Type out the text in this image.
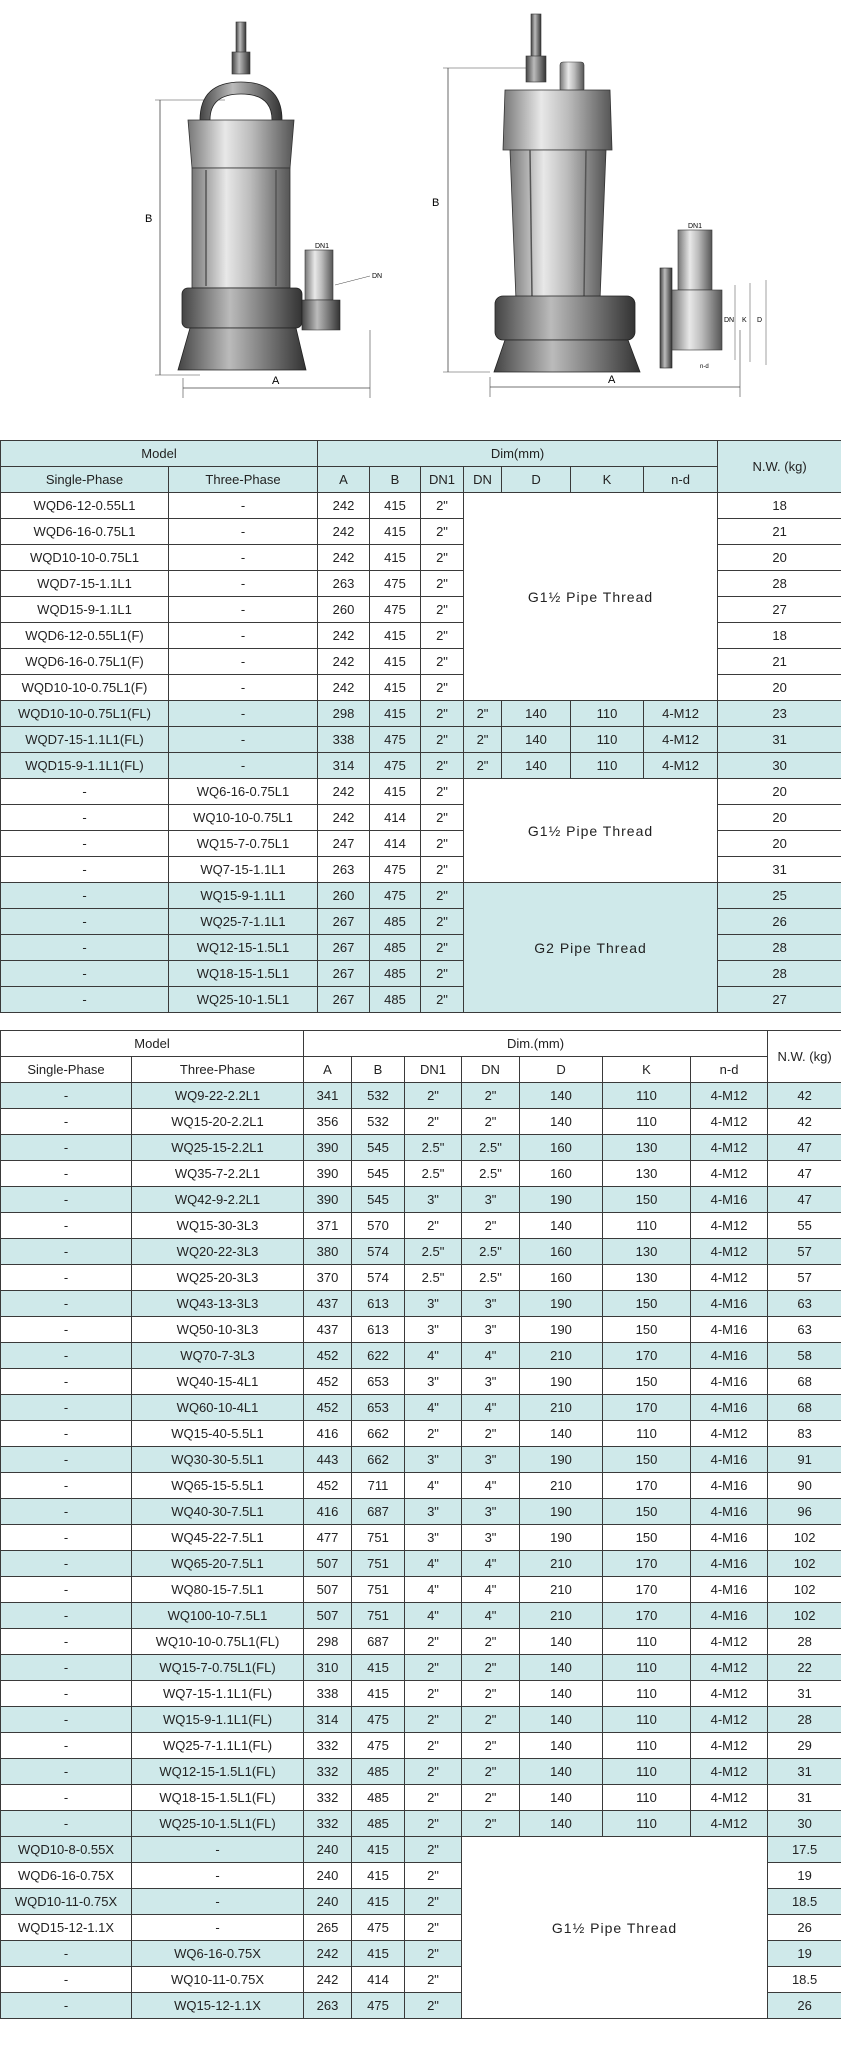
B
A
DN1
DN
B
A
DN1
DN K D
n-d
Model		Dim(mm)							N.W. (kg)
Single-Phase	Three-Phase	A	B	DN1	DN	D	K	n-d	
WQD6-12-0.55L1	-	242	415	2"	G1½ Pipe Thread				18
WQD6-16-0.75L1	-	242	415	2"					21
WQD10-10-0.75L1	-	242	415	2"					20
WQD7-15-1.1L1	-	263	475	2"					28
WQD15-9-1.1L1	-	260	475	2"					27
WQD6-12-0.55L1(F)	-	242	415	2"					18
WQD6-16-0.75L1(F)	-	242	415	2"					21
WQD10-10-0.75L1(F)	-	242	415	2"					20
WQD10-10-0.75L1(FL)	-	298	415	2"	2"	140	110	4-M12	23
WQD7-15-1.1L1(FL)	-	338	475	2"	2"	140	110	4-M12	31
WQD15-9-1.1L1(FL)	-	314	475	2"	2"	140	110	4-M12	30
-	WQ6-16-0.75L1	242	415	2"	G1½ Pipe Thread				20
-	WQ10-10-0.75L1	242	414	2"					20
-	WQ15-7-0.75L1	247	414	2"					20
-	WQ7-15-1.1L1	263	475	2"					31
-	WQ15-9-1.1L1	260	475	2"	G2 Pipe Thread				25
-	WQ25-7-1.1L1	267	485	2"					26
-	WQ12-15-1.5L1	267	485	2"					28
-	WQ18-15-1.5L1	267	485	2"					28
-	WQ25-10-1.5L1	267	485	2"					27
Model		Dim.(mm)							N.W. (kg)
Single-Phase	Three-Phase	A	B	DN1	DN	D	K	n-d	
-	WQ9-22-2.2L1	341	532	2"	2"	140	110	4-M12	42
-	WQ15-20-2.2L1	356	532	2"	2"	140	110	4-M12	42
-	WQ25-15-2.2L1	390	545	2.5"	2.5"	160	130	4-M12	47
-	WQ35-7-2.2L1	390	545	2.5"	2.5"	160	130	4-M12	47
-	WQ42-9-2.2L1	390	545	3"	3"	190	150	4-M16	47
-	WQ15-30-3L3	371	570	2"	2"	140	110	4-M12	55
-	WQ20-22-3L3	380	574	2.5"	2.5"	160	130	4-M12	57
-	WQ25-20-3L3	370	574	2.5"	2.5"	160	130	4-M12	57
-	WQ43-13-3L3	437	613	3"	3"	190	150	4-M16	63
-	WQ50-10-3L3	437	613	3"	3"	190	150	4-M16	63
-	WQ70-7-3L3	452	622	4"	4"	210	170	4-M16	58
-	WQ40-15-4L1	452	653	3"	3"	190	150	4-M16	68
-	WQ60-10-4L1	452	653	4"	4"	210	170	4-M16	68
-	WQ15-40-5.5L1	416	662	2"	2"	140	110	4-M12	83
-	WQ30-30-5.5L1	443	662	3"	3"	190	150	4-M16	91
-	WQ65-15-5.5L1	452	711	4"	4"	210	170	4-M16	90
-	WQ40-30-7.5L1	416	687	3"	3"	190	150	4-M16	96
-	WQ45-22-7.5L1	477	751	3"	3"	190	150	4-M16	102
-	WQ65-20-7.5L1	507	751	4"	4"	210	170	4-M16	102
-	WQ80-15-7.5L1	507	751	4"	4"	210	170	4-M16	102
-	WQ100-10-7.5L1	507	751	4"	4"	210	170	4-M16	102
-	WQ10-10-0.75L1(FL)	298	687	2"	2"	140	110	4-M12	28
-	WQ15-7-0.75L1(FL)	310	415	2"	2"	140	110	4-M12	22
-	WQ7-15-1.1L1(FL)	338	415	2"	2"	140	110	4-M12	31
-	WQ15-9-1.1L1(FL)	314	475	2"	2"	140	110	4-M12	28
-	WQ25-7-1.1L1(FL)	332	475	2"	2"	140	110	4-M12	29
-	WQ12-15-1.5L1(FL)	332	485	2"	2"	140	110	4-M12	31
-	WQ18-15-1.5L1(FL)	332	485	2"	2"	140	110	4-M12	31
-	WQ25-10-1.5L1(FL)	332	485	2"	2"	140	110	4-M12	30
WQD10-8-0.55X	-	240	415	2"	G1½ Pipe Thread				17.5
WQD6-16-0.75X	-	240	415	2"					19
WQD10-11-0.75X	-	240	415	2"					18.5
WQD15-12-1.1X	-	265	475	2"					26
-	WQ6-16-0.75X	242	415	2"					19
-	WQ10-11-0.75X	242	414	2"					18.5
-	WQ15-12-1.1X	263	475	2"					26
